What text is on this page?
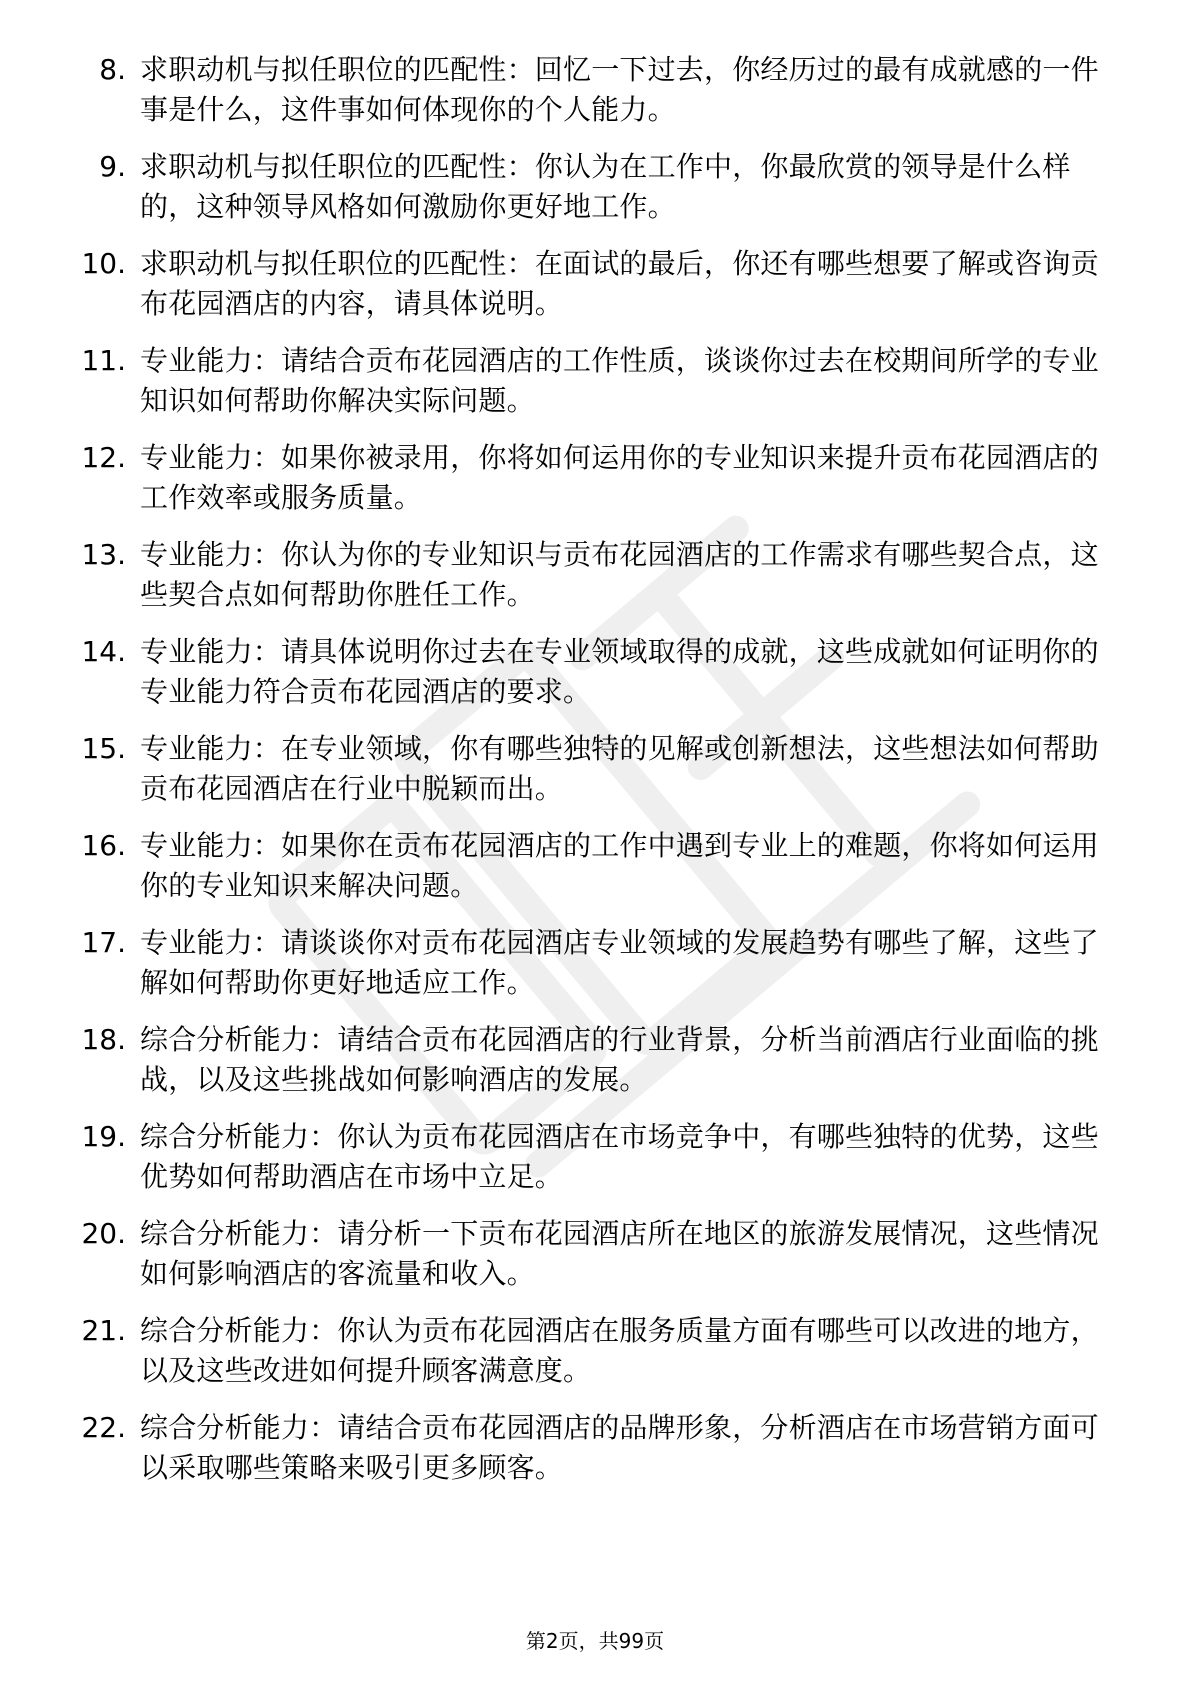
8. 求职动机与拟任职位的匹配性：回忆一下过去，你经历过的最有成就感的一件事是什么，这件事如何体现你的个人能力。
9. 求职动机与拟任职位的匹配性：你认为在工作中，你最欣赏的领导是什么样的，这种领导风格如何激励你更好地工作。
10. 求职动机与拟任职位的匹配性：在面试的最后，你还有哪些想要了解或咨询贡布花园酒店的内容，请具体说明。
11. 专业能力：请结合贡布花园酒店的工作性质，谈谈你过去在校期间所学的专业知识如何帮助你解决实际问题。
12. 专业能力：如果你被录用，你将如何运用你的专业知识来提升贡布花园酒店的工作效率或服务质量。
13. 专业能力：你认为你的专业知识与贡布花园酒店的工作需求有哪些契合点，这些契合点如何帮助你胜任工作。
14. 专业能力：请具体说明你过去在专业领域取得的成就，这些成就如何证明你的专业能力符合贡布花园酒店的要求。
15. 专业能力：在专业领域，你有哪些独特的见解或创新想法，这些想法如何帮助贡布花园酒店在行业中脱颖而出。
16. 专业能力：如果你在贡布花园酒店的工作中遇到专业上的难题，你将如何运用你的专业知识来解决问题。
17. 专业能力：请谈谈你对贡布花园酒店专业领域的发展趋势有哪些了解，这些了解如何帮助你更好地适应工作。
18. 综合分析能力：请结合贡布花园酒店的行业背景，分析当前酒店行业面临的挑战，以及这些挑战如何影响酒店的发展。
19. 综合分析能力：你认为贡布花园酒店在市场竞争中，有哪些独特的优势，这些优势如何帮助酒店在市场中立足。
20. 综合分析能力：请分析一下贡布花园酒店所在地区的旅游发展情况，这些情况如何影响酒店的客流量和收入。
21. 综合分析能力：你认为贡布花园酒店在服务质量方面有哪些可以改进的地方，以及这些改进如何提升顾客满意度。
22. 综合分析能力：请结合贡布花园酒店的品牌形象，分析酒店在市场营销方面可以采取哪些策略来吸引更多顾客。
第2页，共99页
